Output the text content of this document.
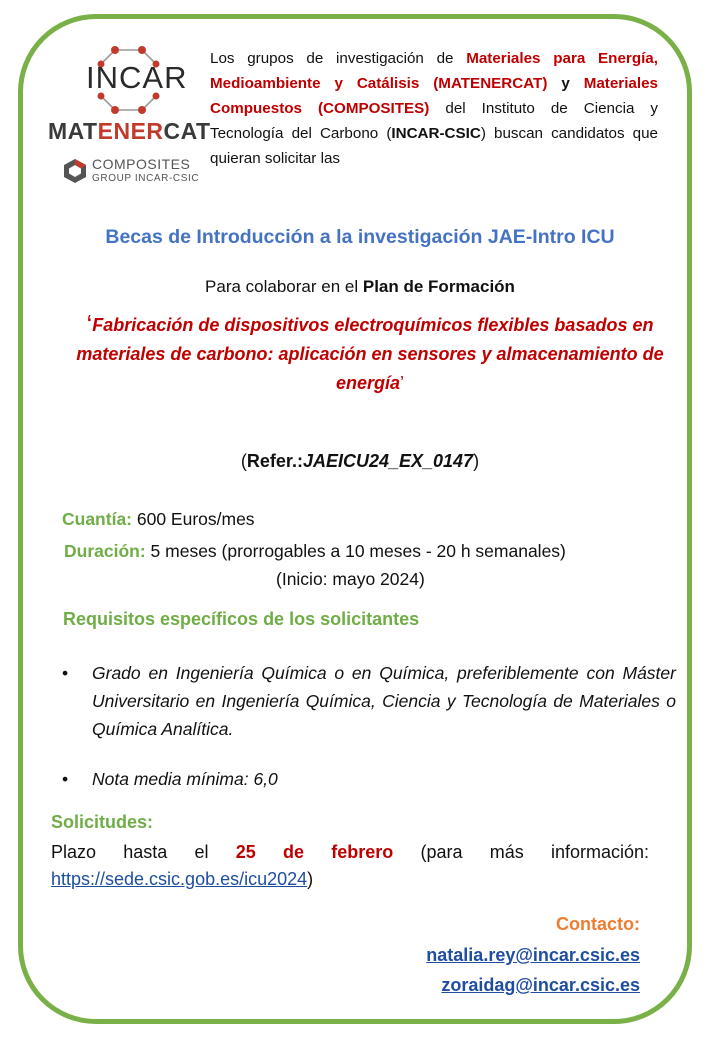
INCAR
MATENERCAT
COMPOSITES
GROUP INCAR-CSIC
Los grupos de investigación de Materiales para Energía, Medioambiente y Catálisis (MATENERCAT) y Materiales Compuestos (COMPOSITES) del Instituto de Ciencia y Tecnología del Carbono (INCAR-CSIC) buscan candidatos que quieran solicitar las
Becas de Introducción a la investigación JAE-Intro ICU
Para colaborar en el Plan de Formación
‘Fabricación de dispositivos electroquímicos flexibles basados en materiales de carbono: aplicación en sensores y almacenamiento de energía’
(Refer.:JAEICU24_EX_0147)
Cuantía: 600 Euros/mes
Duración: 5 meses (prorrogables a 10 meses - 20 h semanales)
(Inicio: mayo 2024)
Requisitos específicos de los solicitantes
• Grado en Ingeniería Química o en Química, preferiblemente con Máster Universitario en Ingeniería Química, Ciencia y Tecnología de Materiales o Química Analítica.
• Nota media mínima: 6,0
Solicitudes:
Plazo hasta el 25 de febrero (para más información:
https://sede.csic.gob.es/icu2024)
Contacto:
natalia.rey@incar.csic.es
zoraidag@incar.csic.es
